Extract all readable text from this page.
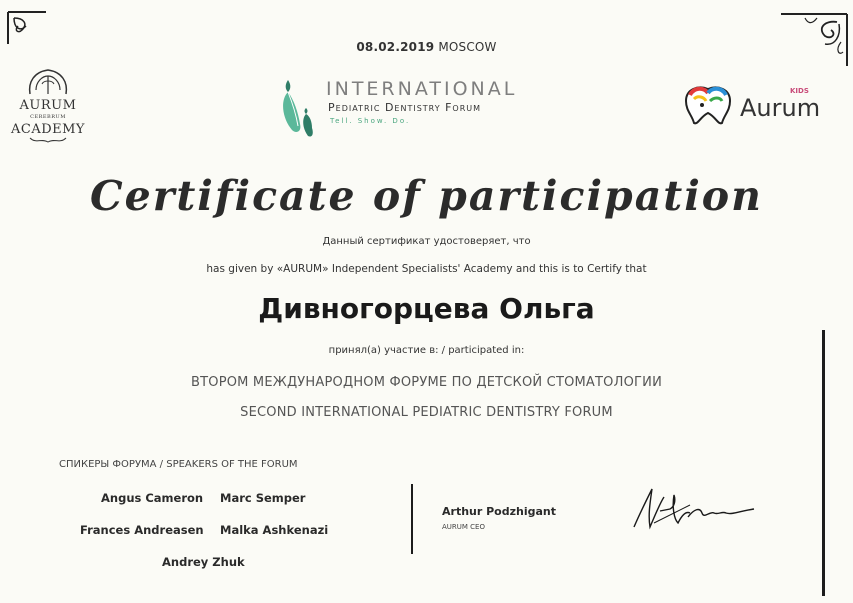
08.02.2019 MOSCOW
AURUM
CEREBRUM
ACADEMY
INTERNATIONAL
Pediatric Dentistry Forum
Tell. Show. Do.
KIDS
Aurum
Certificate of participation
Данный сертификат удостоверяет, что
has given by «AURUM» Independent Specialists' Academy and this is to Certify that
Дивногорцева Ольга
принял(а) участие в: / participated in:
ВТОРОМ МЕЖДУНАРОДНОМ ФОРУМЕ ПО ДЕТСКОЙ СТОМАТОЛОГИИ
SECOND INTERNATIONAL PEDIATRIC DENTISTRY FORUM
СПИКЕРЫ ФОРУМА / SPEAKERS OF THE FORUM
Angus Cameron Marc Semper
Frances Andreasen Malka Ashkenazi
Andrey Zhuk
Arthur Podzhigant
AURUM CEO
